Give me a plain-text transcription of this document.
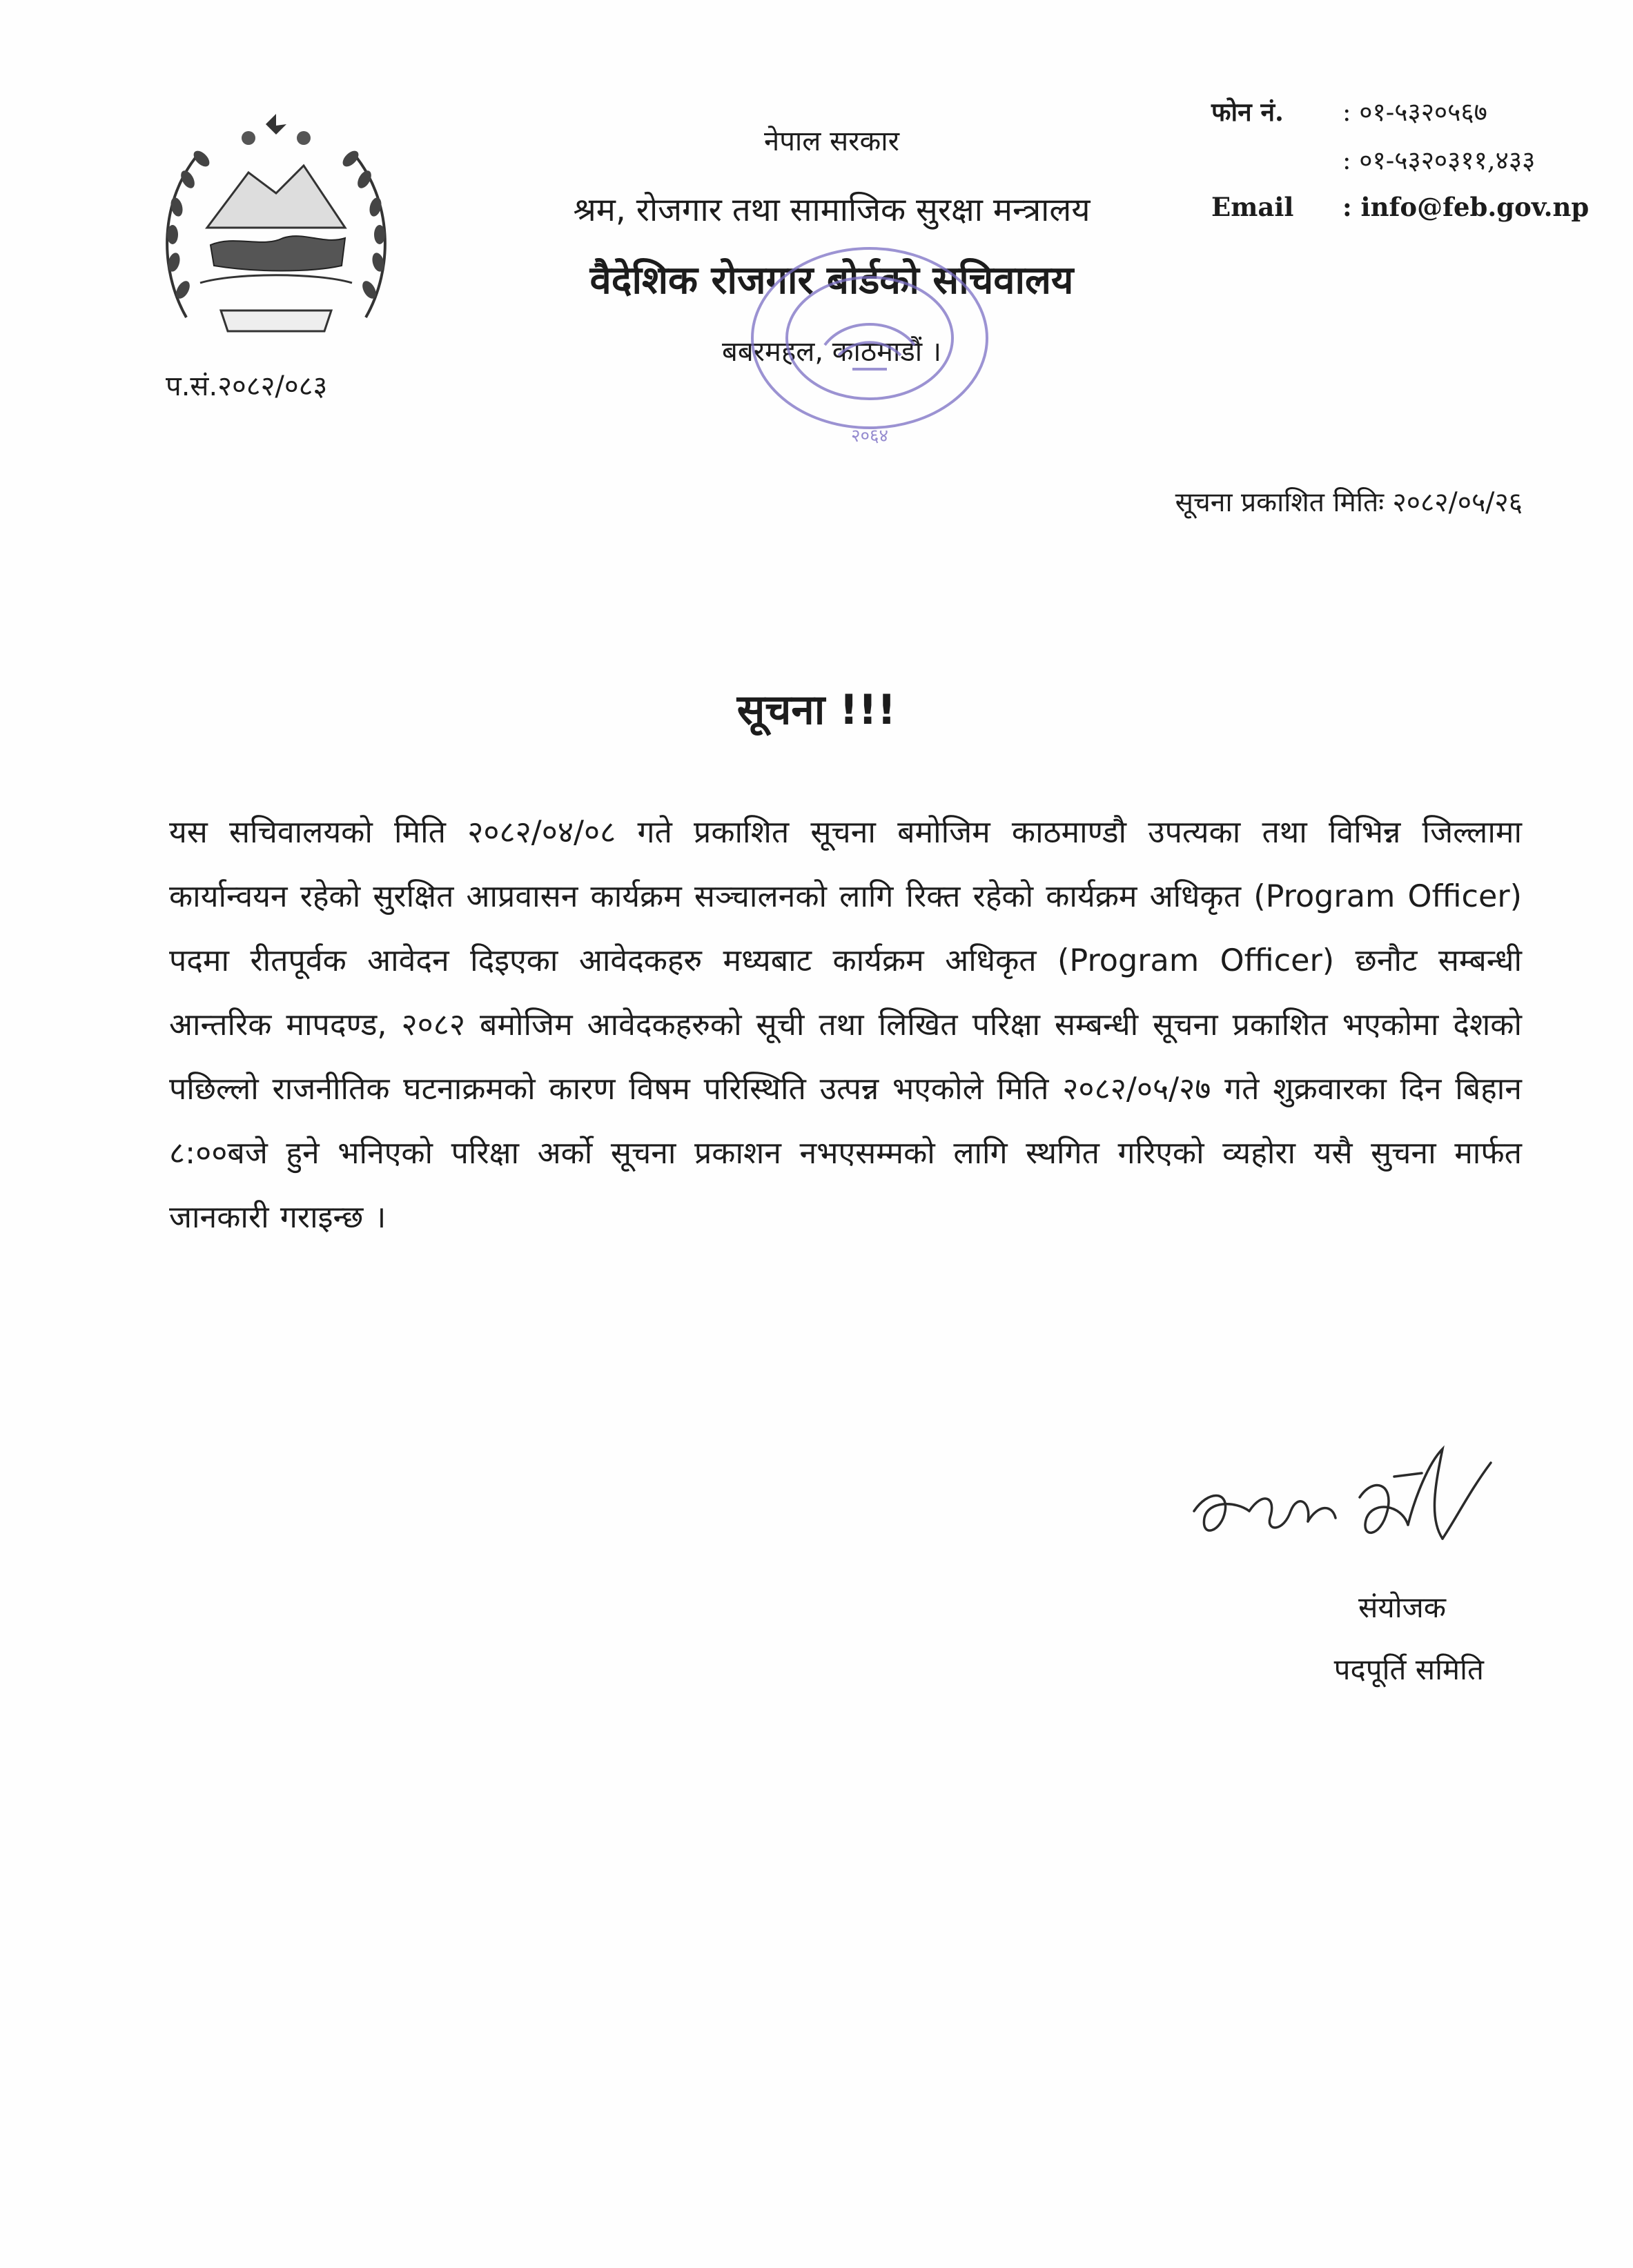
प.सं.२०८२/०८३
नेपाल सरकार
श्रम, रोजगार तथा सामाजिक सुरक्षा मन्त्रालय
वैदेशिक रोजगार बोर्डको सचिवालय
बबरमहल, काठमाडौं ।
फोन नं.	: ०१-५३२०५६७
: ०१-५३२०३११,४३३
Email	: info@feb.gov.np
२०६४
सूचना प्रकाशित मितिः २०८२/०५/२६
सूचना !!!
यस सचिवालयको मिति २०८२/०४/०८ गते प्रकाशित सूचना बमोजिम काठमाण्डौ उपत्यका तथा विभिन्न जिल्लामा कार्यान्वयन रहेको सुरक्षित आप्रवासन कार्यक्रम सञ्चालनको लागि रिक्त रहेको कार्यक्रम अधिकृत (Program Officer) पदमा रीतपूर्वक आवेदन दिइएका आवेदकहरु मध्यबाट कार्यक्रम अधिकृत (Program Officer) छनौट सम्बन्धी आन्तरिक मापदण्ड, २०८२ बमोजिम आवेदकहरुको सूची तथा लिखित परिक्षा सम्बन्धी सूचना प्रकाशित भएकोमा देशको पछिल्लो राजनीतिक घटनाक्रमको कारण विषम परिस्थिति उत्पन्न भएकोले मिति २०८२/०५/२७ गते शुक्रवारका दिन बिहान ८:००बजे हुने भनिएको परिक्षा अर्को सूचना प्रकाशन नभएसम्मको लागि स्थगित गरिएको व्यहोरा यसै सुचना मार्फत जानकारी गराइन्छ ।
संयोजक
पदपूर्ति समिति
